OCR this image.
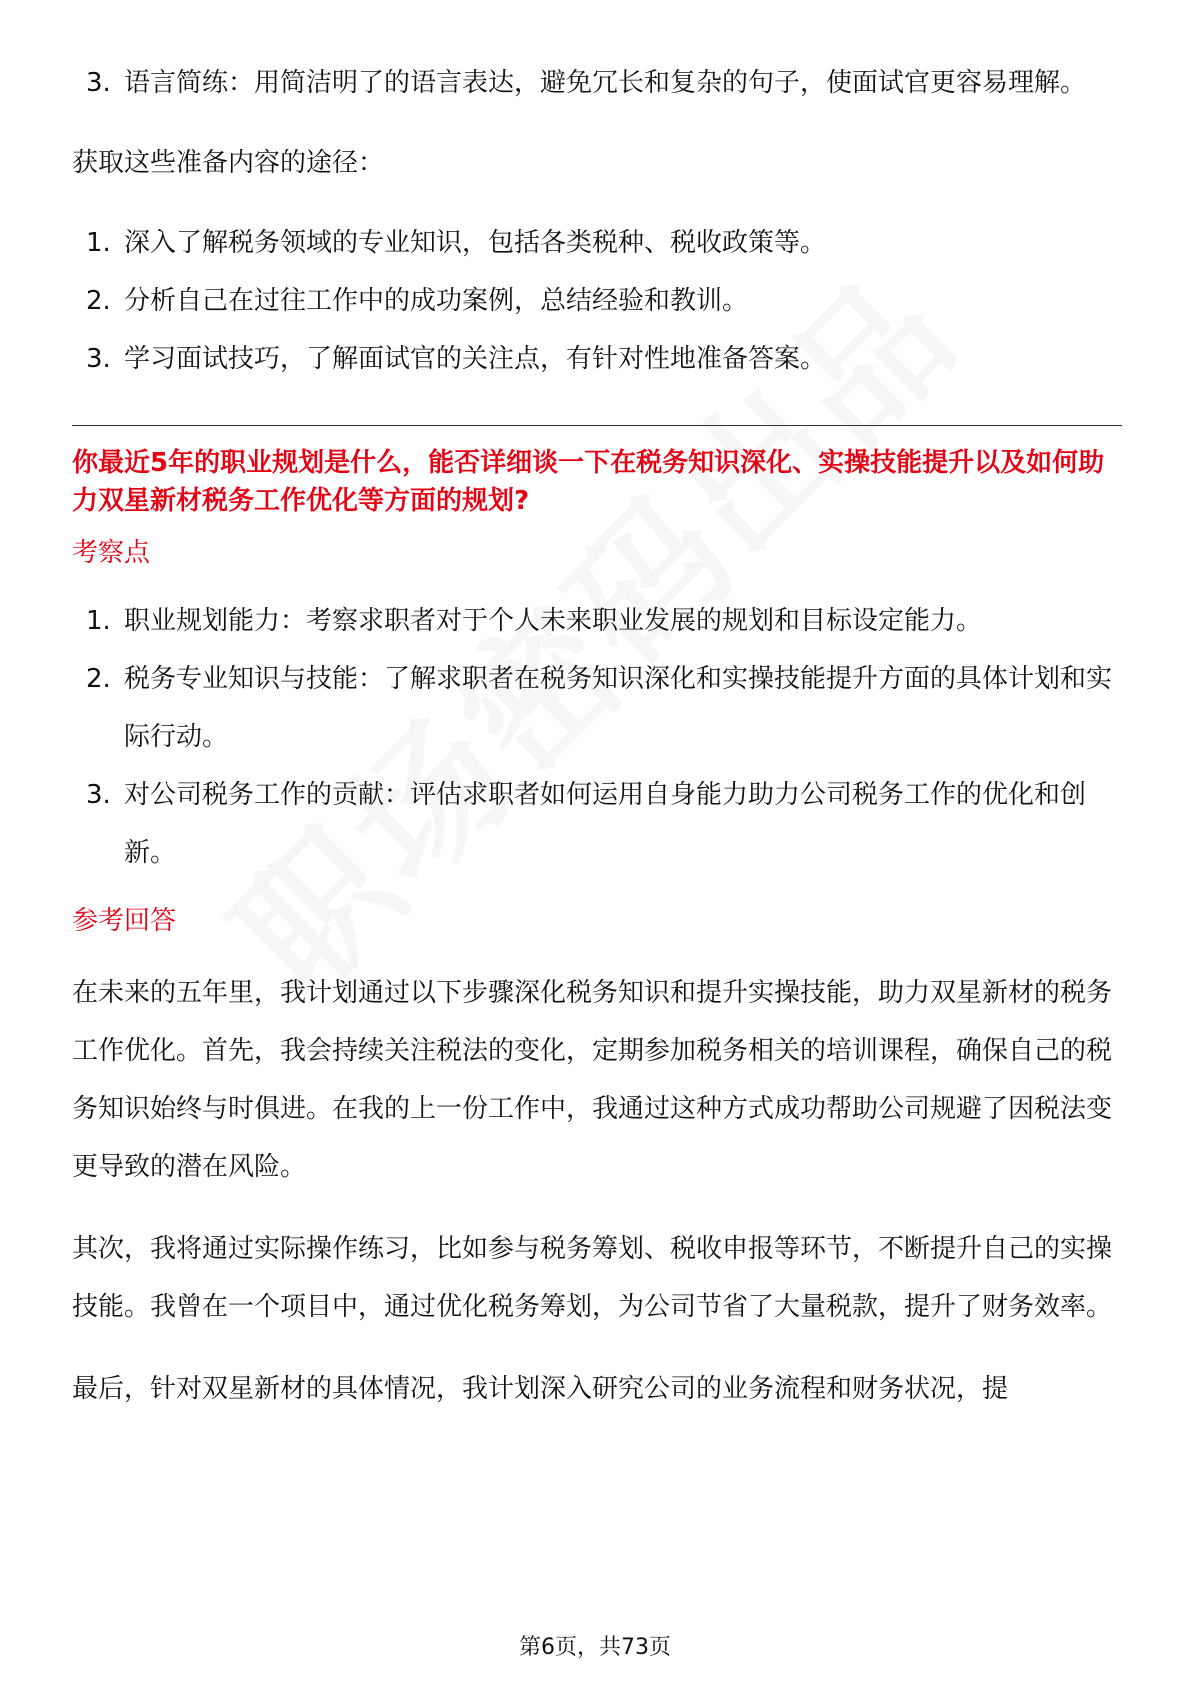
3. 语言简练：用简洁明了的语言表达，避免冗长和复杂的句子，使面试官更容易理解。

获取这些准备内容的途径：

1. 深入了解税务领域的专业知识，包括各类税种、税收政策等。
2. 分析自己在过往工作中的成功案例，总结经验和教训。
3. 学习面试技巧，了解面试官的关注点，有针对性地准备答案。

你最近5年的职业规划是什么，能否详细谈一下在税务知识深化、实操技能提升以及如何助力双星新材税务工作优化等方面的规划?

考察点

1. 职业规划能力：考察求职者对于个人未来职业发展的规划和目标设定能力。
2. 税务专业知识与技能：了解求职者在税务知识深化和实操技能提升方面的具体计划和实际行动。
3. 对公司税务工作的贡献：评估求职者如何运用自身能力助力公司税务工作的优化和创新。

参考回答

在未来的五年里，我计划通过以下步骤深化税务知识和提升实操技能，助力双星新材的税务工作优化。首先，我会持续关注税法的变化，定期参加税务相关的培训课程，确保自己的税务知识始终与时俱进。在我的上一份工作中，我通过这种方式成功帮助公司规避了因税法变更导致的潜在风险。

其次，我将通过实际操作练习，比如参与税务筹划、税收申报等环节，不断提升自己的实操技能。我曾在一个项目中，通过优化税务筹划，为公司节省了大量税款，提升了财务效率。

最后，针对双星新材的具体情况，我计划深入研究公司的业务流程和财务状况，提

第6页，共73页
